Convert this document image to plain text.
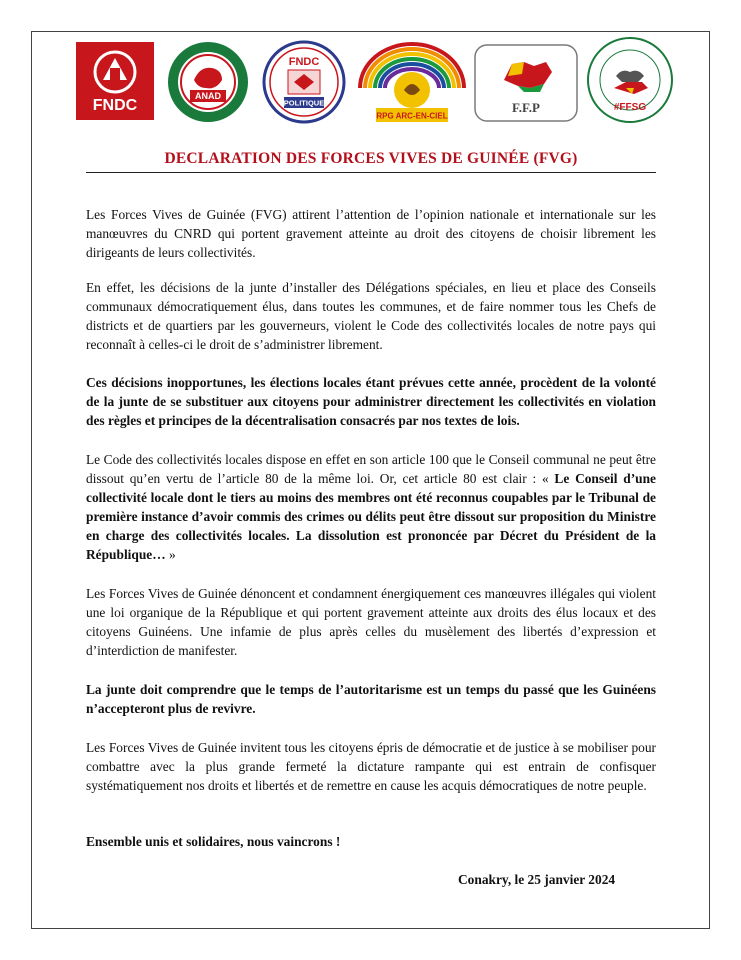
FNDC
ANAD
FNDC
POLITIQUE
RPG ARC-EN-CIEL
F.F.P	#FFSG
DECLARATION DES FORCES VIVES DE GUINÉE (FVG)
Les Forces Vives de Guinée (FVG) attirent l’attention de l’opinion nationale et internationale sur les manœuvres du CNRD qui portent gravement atteinte au droit des citoyens de choisir librement les dirigeants de leurs collectivités.
En effet, les décisions de la junte d’installer des Délégations spéciales, en lieu et place des Conseils communaux démocratiquement élus, dans toutes les communes, et de faire nommer tous les Chefs de districts et de quartiers par les gouverneurs, violent le Code des collectivités locales de notre pays qui reconnaît à celles-ci le droit de s’administrer librement.
Ces décisions inopportunes, les élections locales étant prévues cette année, procèdent de la volonté de la junte de se substituer aux citoyens pour administrer directement les collectivités en violation des règles et principes de la décentralisation consacrés par nos textes de lois.
Le Code des collectivités locales dispose en effet en son article 100 que le Conseil communal ne peut être dissout qu’en vertu de l’article 80 de la même loi. Or, cet article 80 est clair : « Le Conseil d’une collectivité locale dont le tiers au moins des membres ont été reconnus coupables par le Tribunal de première instance d’avoir commis des crimes ou délits peut être dissout sur proposition du Ministre en charge des collectivités locales. La dissolution est prononcée par Décret du Président de la République… »
Les Forces Vives de Guinée dénoncent et condamnent énergiquement ces manœuvres illégales qui violent une loi organique de la République et qui portent gravement atteinte aux droits des élus locaux et des citoyens Guinéens. Une infamie de plus après celles du musèlement des libertés d’expression et d’interdiction de manifester.
La junte doit comprendre que le temps de l’autoritarisme est un temps du passé que les Guinéens n’accepteront plus de revivre.
Les Forces Vives de Guinée invitent tous les citoyens épris de démocratie et de justice à se mobiliser pour combattre avec la plus grande fermeté la dictature rampante qui est entrain de confisquer systématiquement nos droits et libertés et de remettre en cause les acquis démocratiques de notre peuple.
Ensemble unis et solidaires, nous vaincrons !
Conakry, le 25 janvier 2024
